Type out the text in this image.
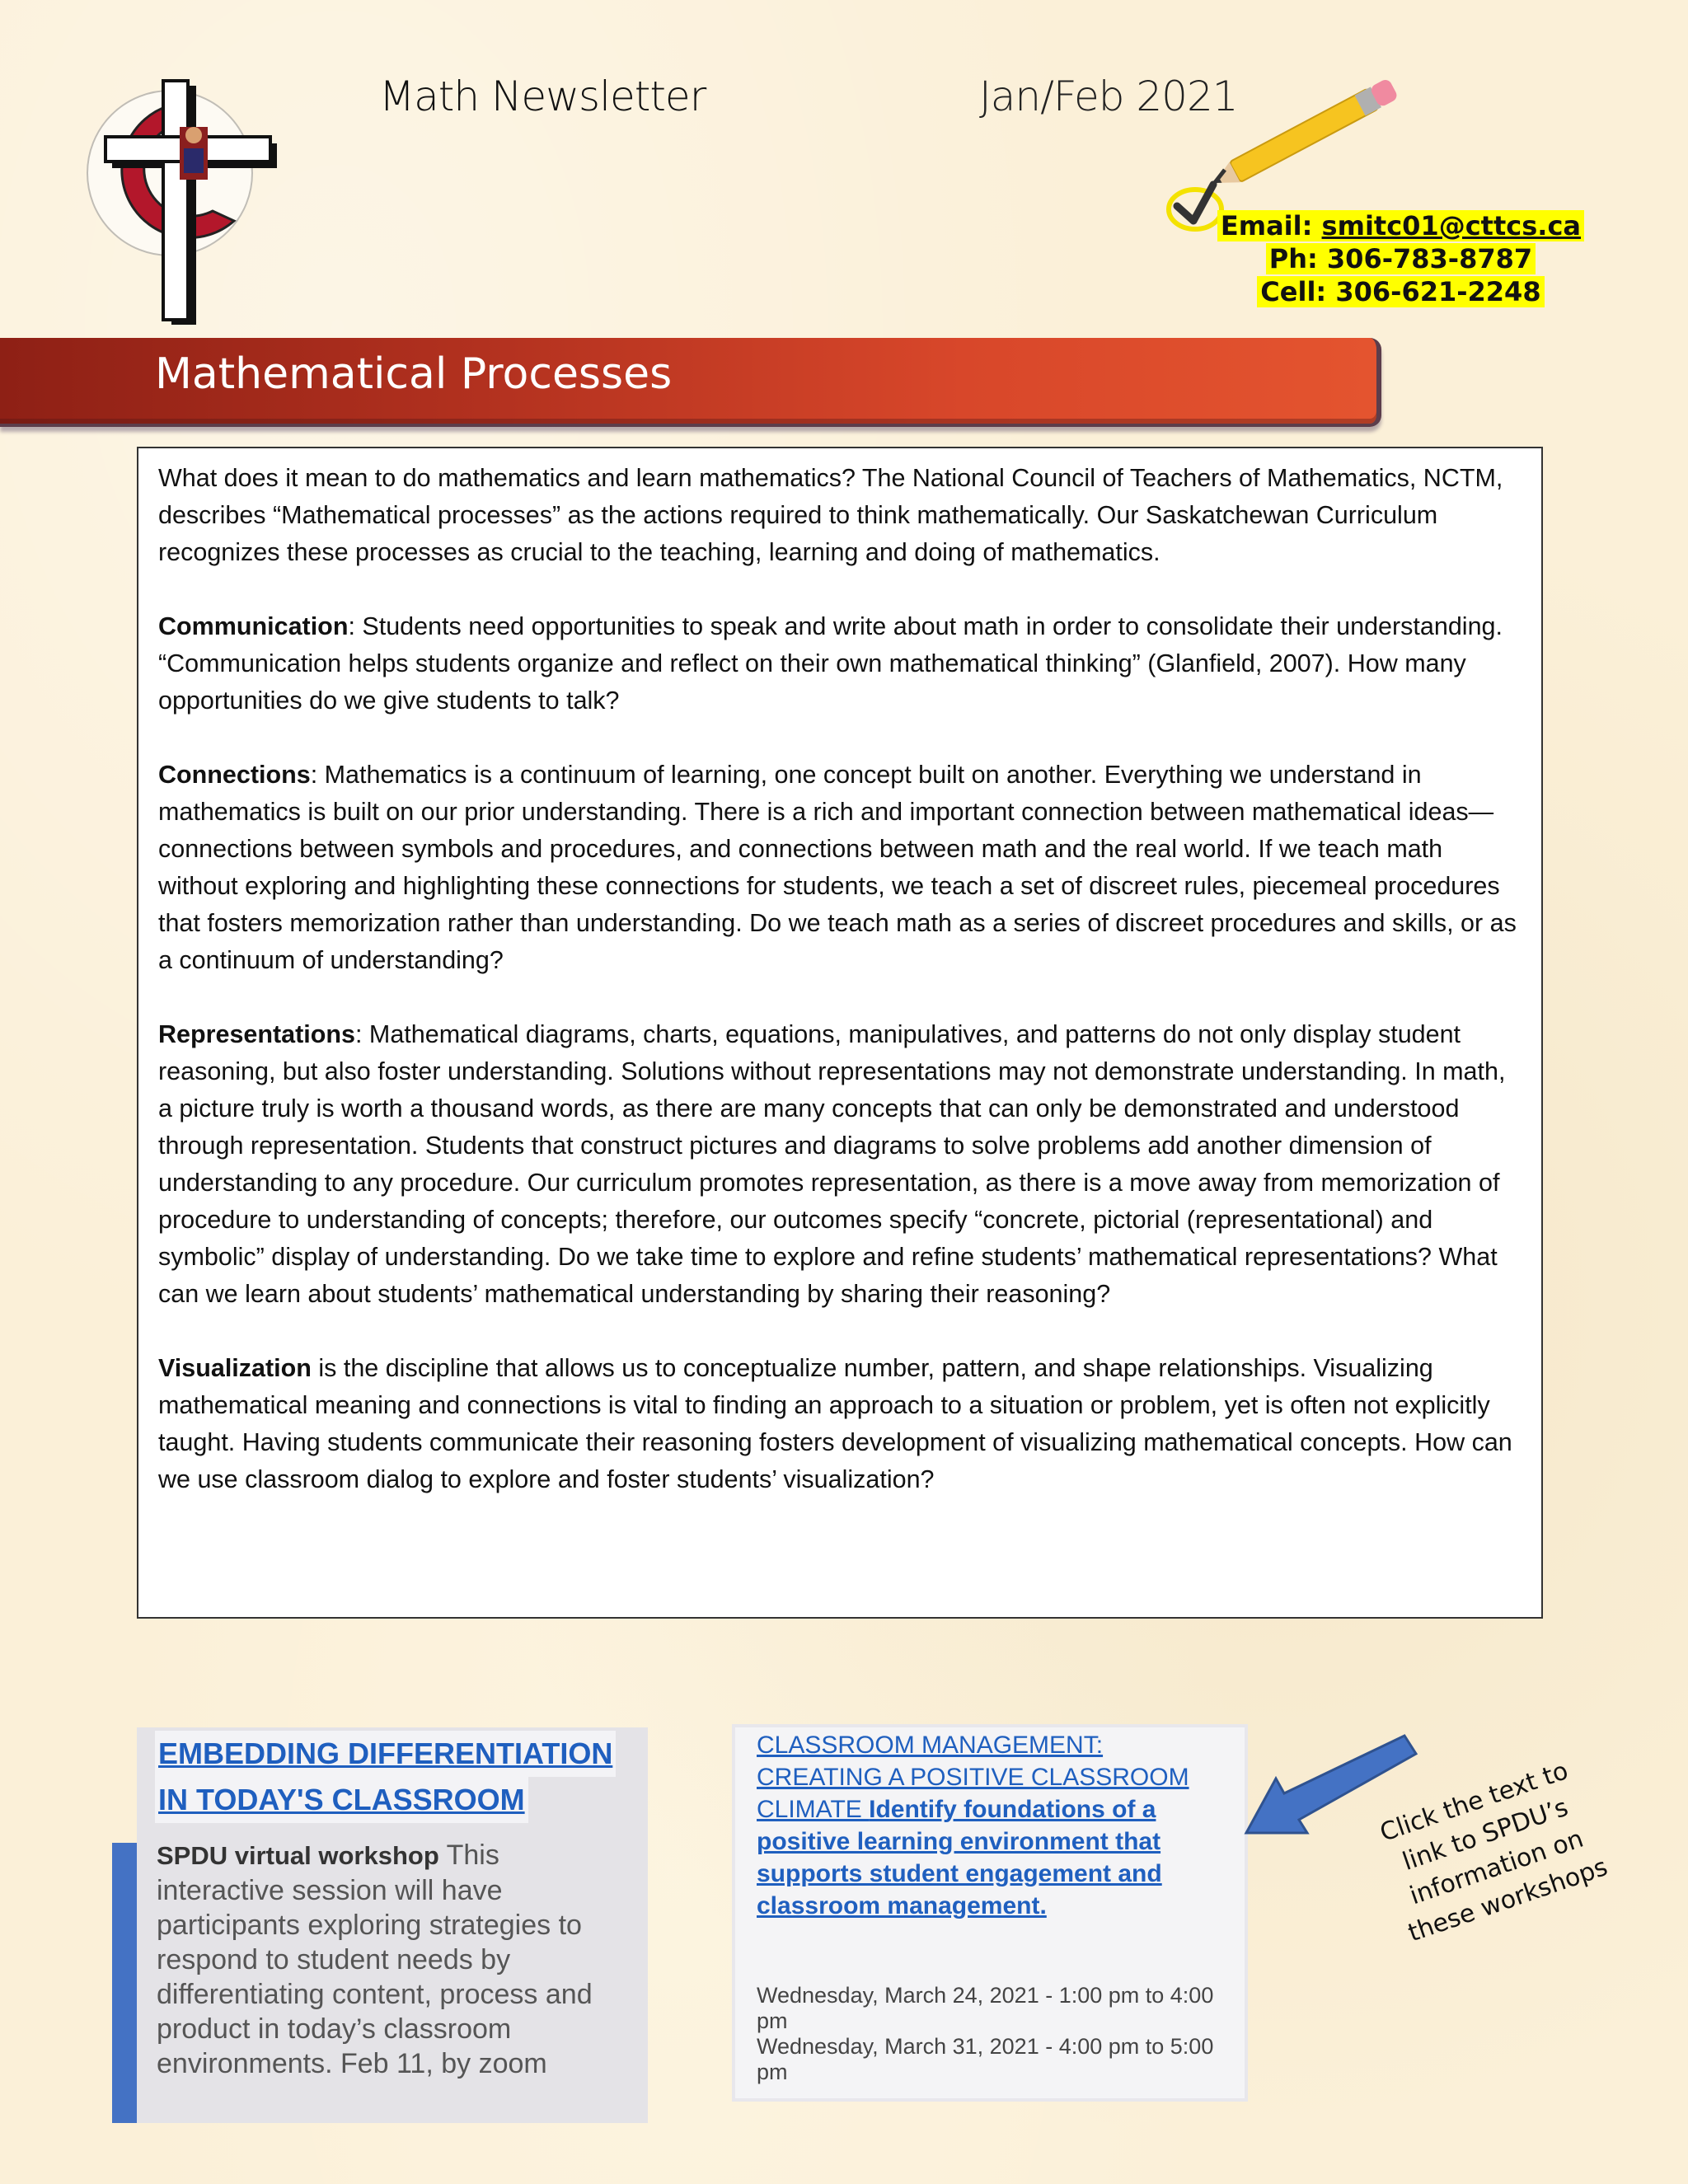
Math Newsletter	Jan/Feb 2021
Email: smitc01@cttcs.ca
Ph: 306-783-8787
Cell: 306-621-2248
Mathematical Processes

What does it mean to do mathematics and learn mathematics? The National Council of Teachers of Mathematics, NCTM, describes “Mathematical processes” as the actions required to think mathematically. Our Saskatchewan Curriculum recognizes these processes as crucial to the teaching, learning and doing of mathematics.

Communication: Students need opportunities to speak and write about math in order to consolidate their understanding. “Communication helps students organize and reflect on their own mathematical thinking” (Glanfield, 2007). How many opportunities do we give students to talk?

Connections: Mathematics is a continuum of learning, one concept built on another. Everything we understand in mathematics is built on our prior understanding. There is a rich and important connection between mathematical ideas—connections between symbols and procedures, and connections between math and the real world. If we teach math without exploring and highlighting these connections for students, we teach a set of discreet rules, piecemeal procedures that fosters memorization rather than understanding. Do we teach math as a series of discreet procedures and skills, or as a continuum of understanding?

Representations: Mathematical diagrams, charts, equations, manipulatives, and patterns do not only display student reasoning, but also foster understanding. Solutions without representations may not demonstrate understanding. In math, a picture truly is worth a thousand words, as there are many concepts that can only be demonstrated and understood through representation. Students that construct pictures and diagrams to solve problems add another dimension of understanding to any procedure. Our curriculum promotes representation, as there is a move away from memorization of procedure to understanding of concepts; therefore, our outcomes specify “concrete, pictorial (representational) and symbolic” display of understanding. Do we take time to explore and refine students’ mathematical representations? What can we learn about students’ mathematical understanding by sharing their reasoning?

Visualization is the discipline that allows us to conceptualize number, pattern, and shape relationships. Visualizing mathematical meaning and connections is vital to finding an approach to a situation or problem, yet is often not explicitly taught. Having students communicate their reasoning fosters development of visualizing mathematical concepts. How can we use classroom dialog to explore and foster students’ visualization?

EMBEDDING DIFFERENTIATION
IN TODAY'S CLASSROOM
SPDU virtual workshop This interactive session will have participants exploring strategies to respond to student needs by differentiating content, process and product in today’s classroom environments. Feb 11, by zoom
CLASSROOM MANAGEMENT: CREATING A POSITIVE CLASSROOM CLIMATE Identify foundations of a positive learning environment that supports student engagement and classroom management.
Wednesday, March 24, 2021 - 1:00 pm to 4:00 pm
Wednesday, March 31, 2021 - 4:00 pm to 5:00 pm
Click the text to link to SPDU’s information on these workshops
